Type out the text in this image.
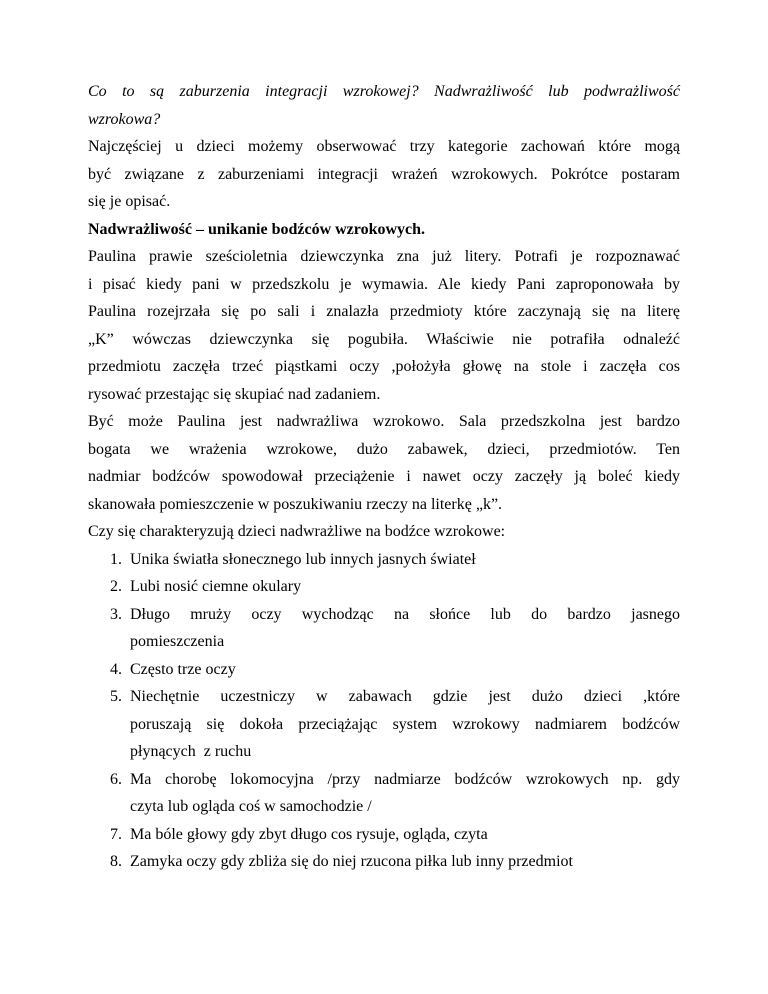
Co to są zaburzenia integracji wzrokowej? Nadwrażliwość lub podwrażliwość
wzrokowa?
Najczęściej u dzieci możemy obserwować trzy kategorie zachowań które mogą
być związane z zaburzeniami integracji wrażeń wzrokowych. Pokrótce postaram
się je opisać.
Nadwrażliwość – unikanie bodźców wzrokowych.
Paulina prawie sześcioletnia dziewczynka zna już litery. Potrafi je rozpoznawać
i pisać kiedy pani w przedszkolu je wymawia. Ale kiedy Pani zaproponowała by
Paulina rozejrzała się po sali i znalazła przedmioty które zaczynają się na literę
„K” wówczas dziewczynka się pogubiła. Właściwie nie potrafiła odnaleźć
przedmiotu zaczęła trzeć piąstkami oczy ,położyła głowę na stole i zaczęła cos
rysować przestając się skupiać nad zadaniem.
Być może Paulina jest nadwrażliwa wzrokowo. Sala przedszkolna jest bardzo
bogata we wrażenia wzrokowe, dużo zabawek, dzieci, przedmiotów. Ten
nadmiar bodźców spowodował przeciążenie i nawet oczy zaczęły ją boleć kiedy
skanowała pomieszczenie w poszukiwaniu rzeczy na literkę „k”.
Czy się charakteryzują dzieci nadwrażliwe na bodźce wzrokowe:
1. Unika światła słonecznego lub innych jasnych świateł
2. Lubi nosić ciemne okulary
3. Długo mruży oczy wychodząc na słońce lub do bardzo jasnego
pomieszczenia
4. Często trze oczy
5. Niechętnie uczestniczy w zabawach gdzie jest dużo dzieci ,które
poruszają się dokoła przeciążając system wzrokowy nadmiarem bodźców
płynących  z ruchu
6. Ma chorobę lokomocyjna /przy nadmiarze bodźców wzrokowych np. gdy
czyta lub ogląda coś w samochodzie /
7. Ma bóle głowy gdy zbyt długo cos rysuje, ogląda, czyta
8. Zamyka oczy gdy zbliża się do niej rzucona piłka lub inny przedmiot
